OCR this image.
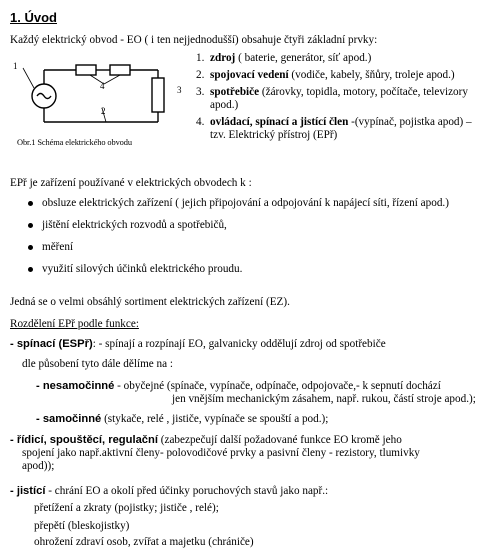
1. Úvod
Každý elektrický obvod - EO ( i ten nejjednodušší) obsahuje čtyři základní prvky:
1
4	3
2
Obr.1 Schéma elektrického obvodu
1. zdroj ( baterie, generátor, síť apod.)
2. spojovací vedení (vodiče, kabely, šňůry, troleje apod.)
3. spotřebiče (žárovky, topidla, motory, počítače, televizory apod.)
4. ovládací, spínací a jistící člen -(vypínač, pojistka apod) – tzv. Elektrický přístroj (EPř)
EPř je zařízení používané v elektrických obvodech k :
obsluze elektrických zařízení ( jejich připojování a odpojování k napájecí síti, řízení apod.)
jištění elektrických rozvodů a spotřebičů,
měření
využití silových účinků elektrického proudu.
Jedná se o velmi obsáhlý sortiment elektrických zařízení (EZ).
Rozdělení EPř podle funkce:
- spínací (ESPř): - spínají a rozpínají EO, galvanicky oddělují zdroj od spotřebiče
dle působení tyto dále dělíme na :
- nesamočinné - obyčejné (spínače, vypínače, odpínače, odpojovače,- k sepnutí dochází
jen vnějším mechanickým zásahem, např. rukou, částí stroje apod.);
- samočinné (stykače, relé , jističe, vypínače se spouští a pod.);
- řídicí, spouštěcí, regulační (zabezpečují další požadované funkce EO kromě jeho
spojení jako např.aktivní členy- polovodičové prvky a pasivní členy - rezistory, tlumivky
apod));
- jistící - chrání EO a okolí před účinky poruchových stavů jako např.:
přetížení a zkraty (pojistky; jističe , relé);
přepětí (bleskojistky)
ohrožení zdraví osob, zvířat a majetku (chrániče)
